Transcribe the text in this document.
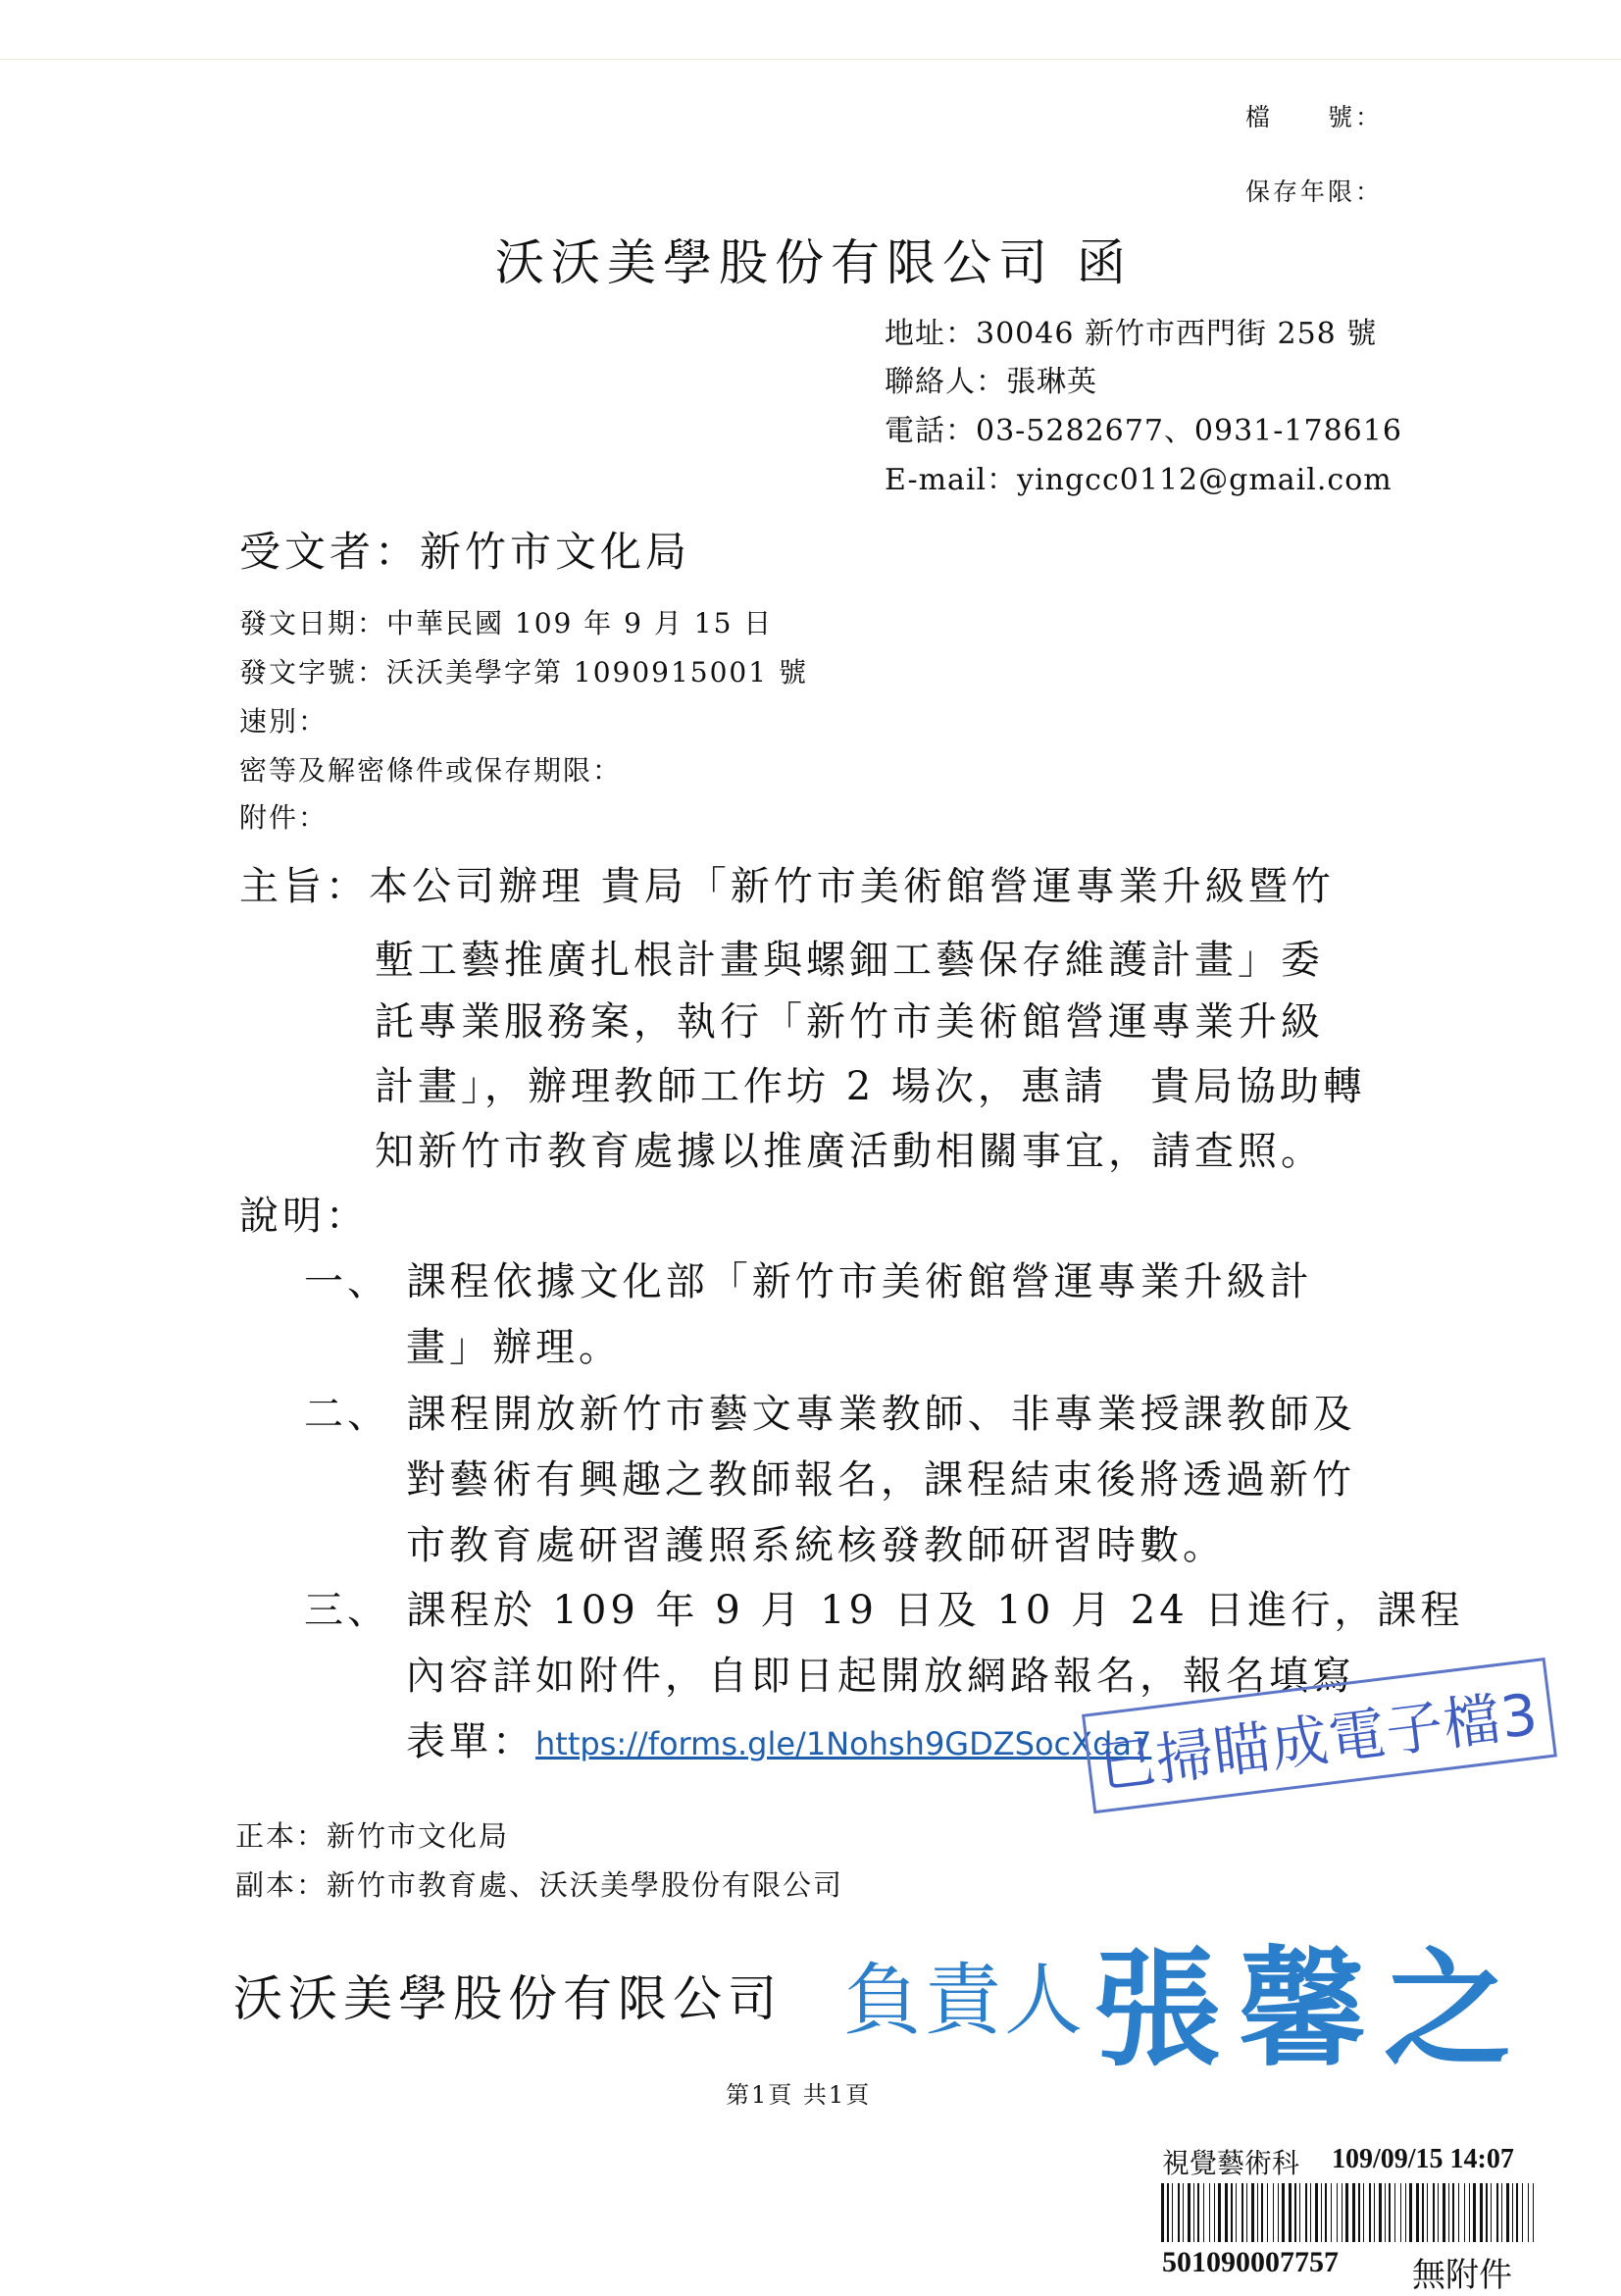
檔　　號：
保存年限：
沃沃美學股份有限公司 函
地址：30046 新竹市西門街 258 號
聯絡人：張琳英
電話：03-5282677、0931-178616
E-mail：yingcc0112@gmail.com
受文者：新竹市文化局
發文日期：中華民國 109 年 9 月 15 日
發文字號：沃沃美學字第 1090915001 號
速別：
密等及解密條件或保存期限：
附件：
主旨：本公司辦理 貴局「新竹市美術館營運專業升級暨竹
塹工藝推廣扎根計畫與螺鈿工藝保存維護計畫」委
託專業服務案，執行「新竹市美術館營運專業升級
計畫」，辦理教師工作坊 2 場次，惠請　貴局協助轉
知新竹市教育處據以推廣活動相關事宜，請查照。
說明：
一、 課程依據文化部「新竹市美術館營運專業升級計
畫」辦理。
二、 課程開放新竹市藝文專業教師、非專業授課教師及
對藝術有興趣之教師報名，課程結束後將透過新竹
市教育處研習護照系統核發教師研習時數。
三、 課程於 109 年 9 月 19 日及 10 月 24 日進行，課程
內容詳如附件，自即日起開放網路報名，報名填寫
表單：https://forms.gle/1Nohsh9GDZSocXda7
已掃瞄成電子檔3
正本：新竹市文化局
副本：新竹市教育處、沃沃美學股份有限公司
沃沃美學股份有限公司 負責人 張馨之
第1頁 共1頁
視覺藝術科 109/09/15 14:07
501090007757 無附件
